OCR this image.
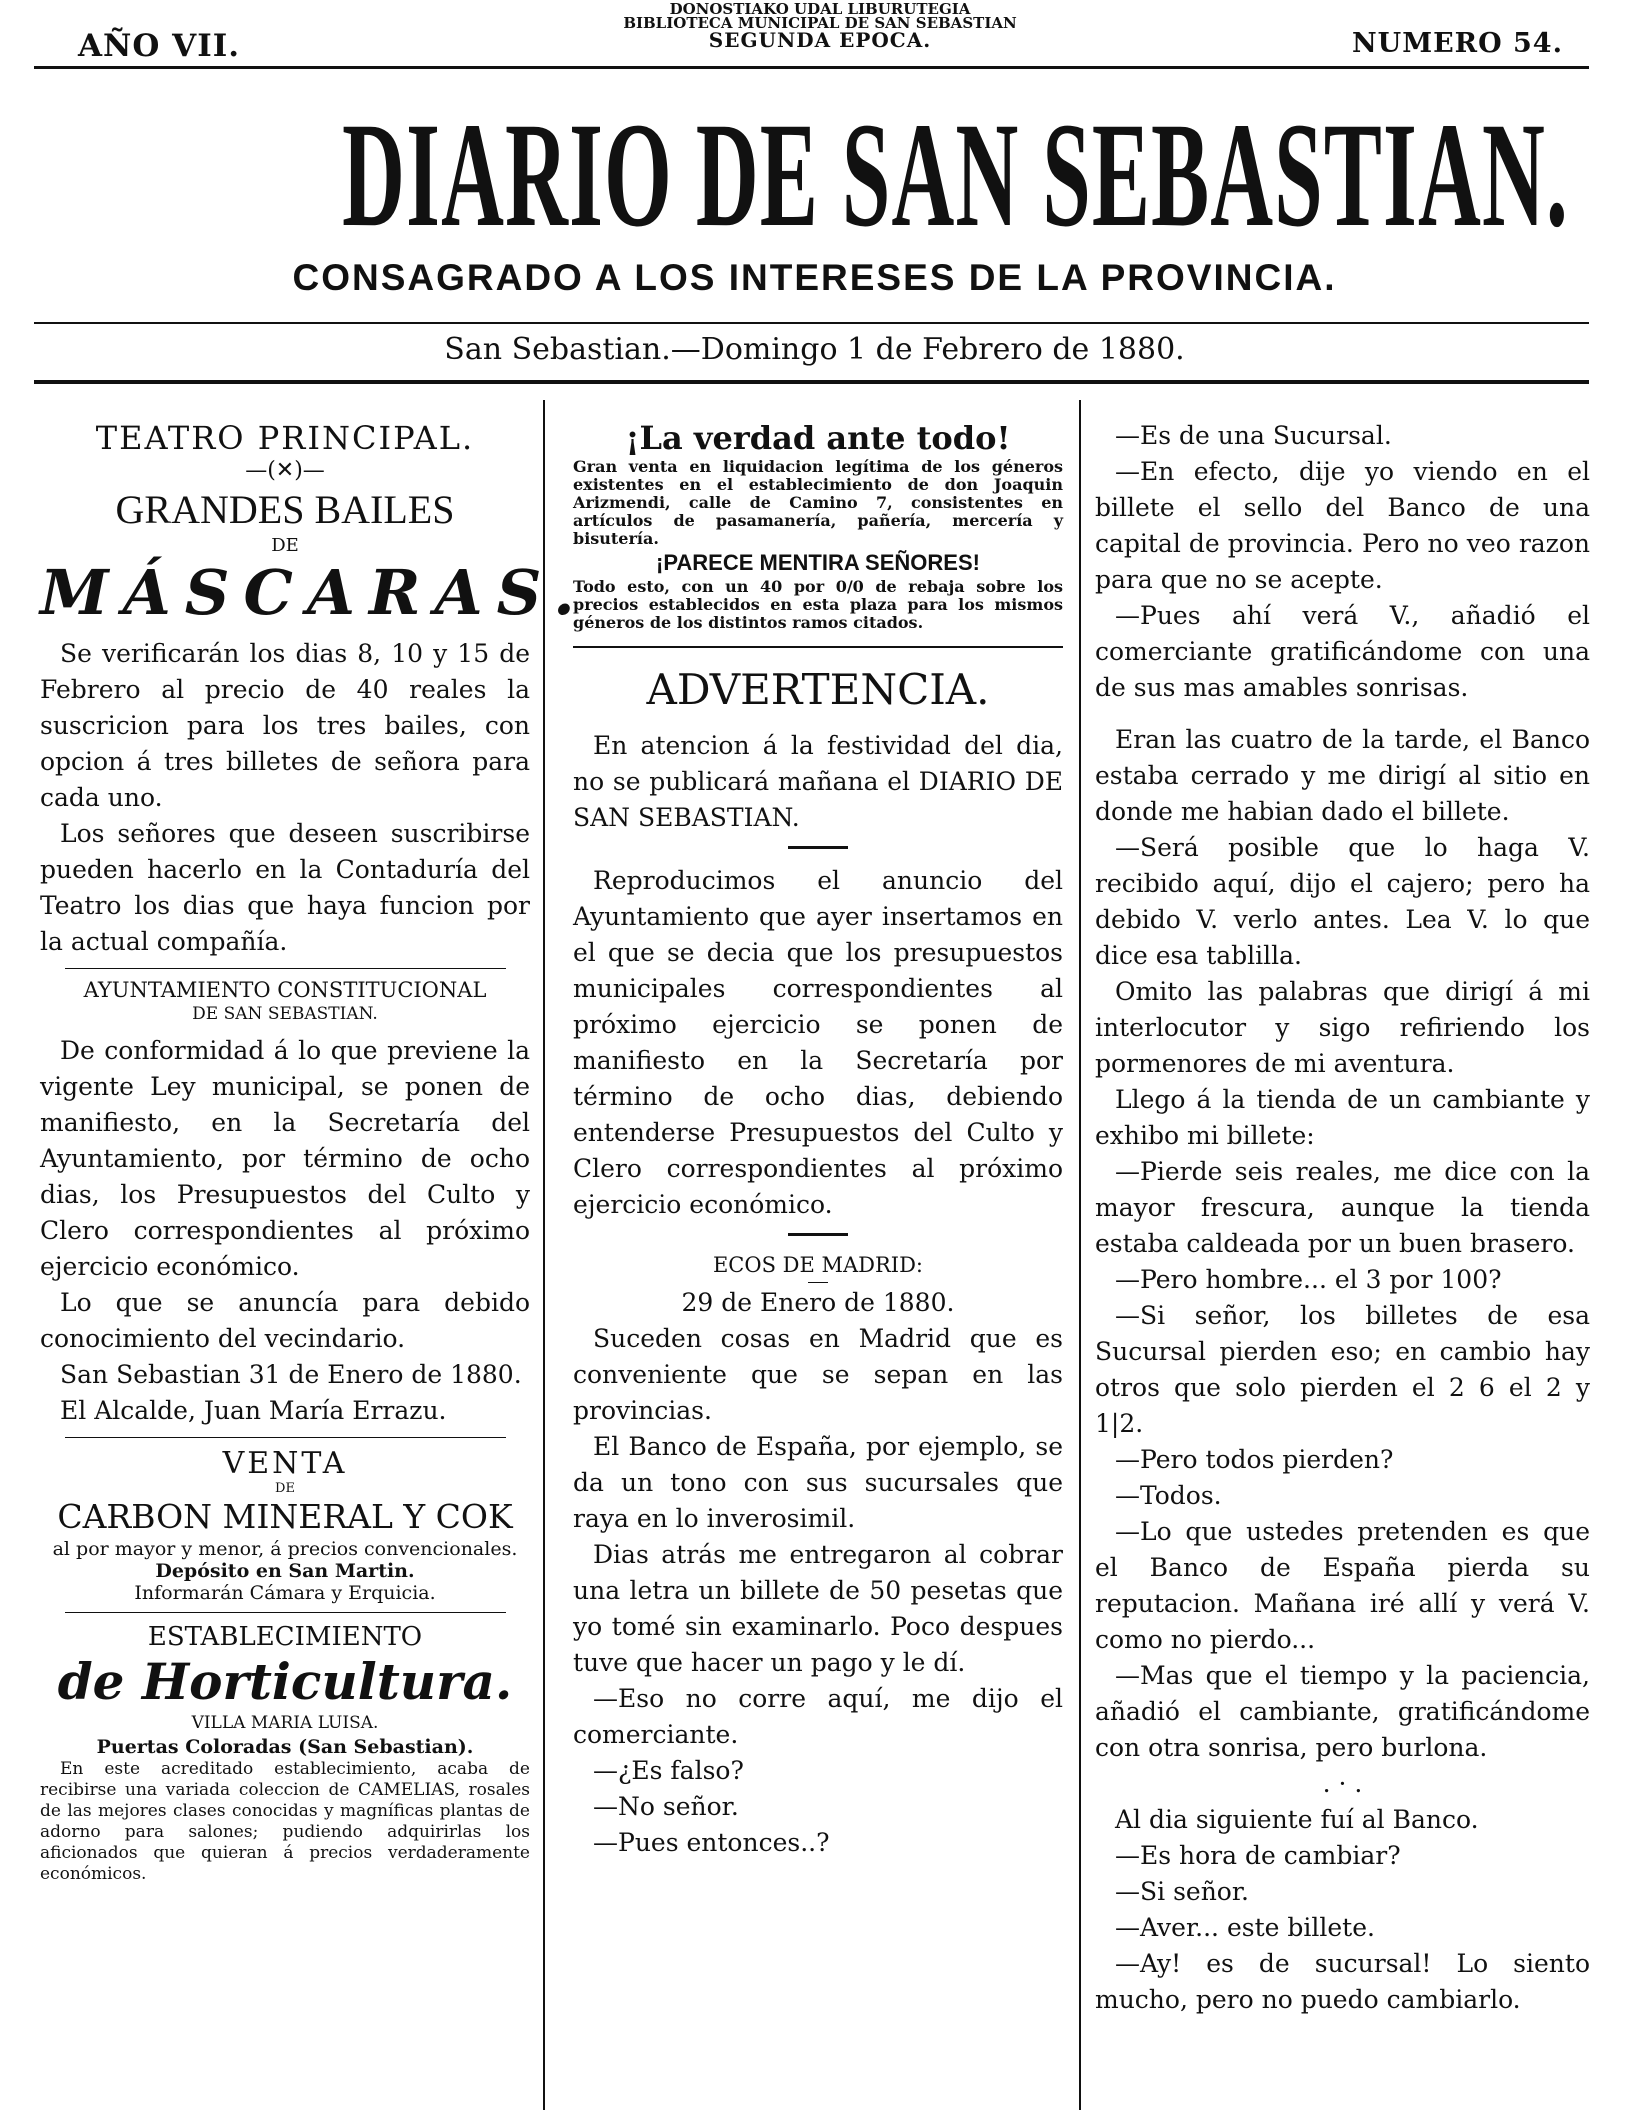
AÑO VII.
DONOSTIAKO UDAL LIBURUTEGIA
BIBLIOTECA MUNICIPAL DE SAN SEBASTIAN
SEGUNDA EPOCA.	NUMERO 54.
DIARIO DE SAN SEBASTIAN.
CONSAGRADO A LOS INTERESES DE LA PROVINCIA.
San Sebastian.—Domingo 1 de Febrero de 1880.
TEATRO PRINCIPAL.
—(✕)—
GRANDES BAILES
DE
MÁSCARAS.

Se verificarán los dias 8, 10 y 15 de Febrero al precio de 40 reales la suscricion para los tres bailes, con opcion á tres billetes de señora para cada uno.

Los señores que deseen suscribirse pueden hacerlo en la Contaduría del Teatro los dias que haya funcion por la actual compañía.

AYUNTAMIENTO CONSTITUCIONAL
DE SAN SEBASTIAN.

De conformidad á lo que previene la vigente Ley municipal, se ponen de manifiesto, en la Secretaría del Ayuntamiento, por término de ocho dias, los Presupuestos del Culto y Clero correspondientes al próximo ejercicio económico.

Lo que se anuncía para debido conocimiento del vecindario.

San Sebastian 31 de Enero de 1880.

El Alcalde, Juan María Errazu.

VENTA
DE
CARBON MINERAL Y COK
al por mayor y menor, á precios convencionales.
Depósito en San Martin.
Informarán Cámara y Erquicia.
ESTABLECIMIENTO
de Horticultura.
VILLA MARIA LUISA.
Puertas Coloradas (San Sebastian).

En este acreditado establecimiento, acaba de recibirse una variada coleccion de CAMELIAS, rosales de las mejores clases conocidas y magníficas plantas de adorno para salones; pudiendo adquirirlas los aficionados que quieran á precios verdaderamente económicos.

¡La verdad ante todo!

Gran venta en liquidacion legítima de los géneros existentes en el establecimiento de don Joaquin Arizmendi, calle de Camino 7, consistentes en artículos de pasamanería, pañería, mercería y bisutería.

¡PARECE MENTIRA SEÑORES!

Todo esto, con un 40 por 0/0 de rebaja sobre los precios establecidos en esta plaza para los mismos géneros de los distintos ramos citados.

ADVERTENCIA.

En atencion á la festividad del dia, no se publicará mañana el DIARIO DE SAN SEBASTIAN.

Reproducimos el anuncio del Ayuntamiento que ayer insertamos en el que se decia que los presupuestos municipales correspondientes al próximo ejercicio se ponen de manifiesto en la Secretaría por término de ocho dias, debiendo entenderse Presupuestos del Culto y Clero correspondientes al próximo ejercicio económico.

ECOS DE MADRID:
29 de Enero de 1880.

Suceden cosas en Madrid que es conveniente que se sepan en las provincias.

El Banco de España, por ejemplo, se da un tono con sus sucursales que raya en lo inverosimil.

Dias atrás me entregaron al cobrar una letra un billete de 50 pesetas que yo tomé sin examinarlo. Poco despues tuve que hacer un pago y le dí.

—Eso no corre aquí, me dijo el comerciante.

—¿Es falso?

—No señor.

—Pues entonces..?

—Es de una Sucursal.

—En efecto, dije yo viendo en el billete el sello del Banco de una capital de provincia. Pero no veo razon para que no se acepte.

—Pues ahí verá V., añadió el comerciante gratificándome con una de sus mas amables sonrisas.

Eran las cuatro de la tarde, el Banco estaba cerrado y me dirigí al sitio en donde me habian dado el billete.

—Será posible que lo haga V. recibido aquí, dijo el cajero; pero ha debido V. verlo antes. Lea V. lo que dice esa tablilla.

Omito las palabras que dirigí á mi interlocutor y sigo refiriendo los pormenores de mi aventura.

Llego á la tienda de un cambiante y exhibo mi billete:

—Pierde seis reales, me dice con la mayor frescura, aunque la tienda estaba caldeada por un buen brasero.

—Pero hombre... el 3 por 100?

—Si señor, los billetes de esa Sucursal pierden eso; en cambio hay otros que solo pierden el 2 6 el 2 y 1|2.

—Pero todos pierden?

—Todos.

—Lo que ustedes pretenden es que el Banco de España pierda su reputacion. Mañana iré allí y verá V. como no pierdo...

—Mas que el tiempo y la paciencia, añadió el cambiante, gratificándome con otra sonrisa, pero burlona.

. · .

Al dia siguiente fuí al Banco.

—Es hora de cambiar?

—Si señor.

—Aver... este billete.

—Ay! es de sucursal! Lo siento mucho, pero no puedo cambiarlo.
